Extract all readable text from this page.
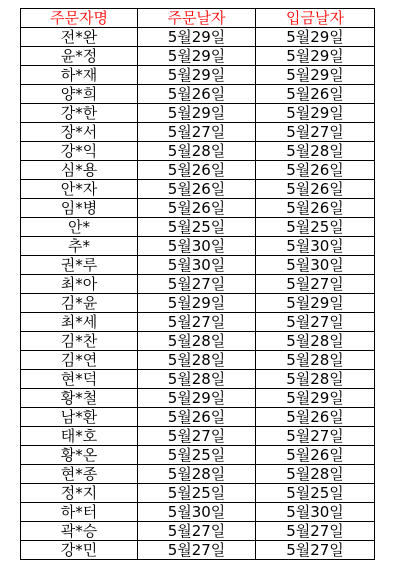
주문자명	주문날자	입금날자
전*완	5월29일	5월29일
윤*정	5월29일	5월29일
하*재	5월29일	5월29일
양*희	5월26일	5월26일
강*한	5월29일	5월29일
장*서	5월27일	5월27일
강*익	5월28일	5월28일
심*용	5월26일	5월26일
안*자	5월26일	5월26일
임*병	5월26일	5월26일
안*	5월25일	5월25일
추*	5월30일	5월30일
권*루	5월30일	5월30일
최*아	5월27일	5월27일
김*윤	5월29일	5월29일
최*세	5월27일	5월27일
김*찬	5월28일	5월28일
김*연	5월28일	5월28일
현*덕	5월28일	5월28일
황*철	5월29일	5월29일
남*환	5월26일	5월26일
태*호	5월27일	5월27일
황*온	5월25일	5월26일
현*종	5월28일	5월28일
정*지	5월25일	5월25일
하*터	5월30일	5월30일
곽*승	5월27일	5월27일
강*민	5월27일	5월27일
